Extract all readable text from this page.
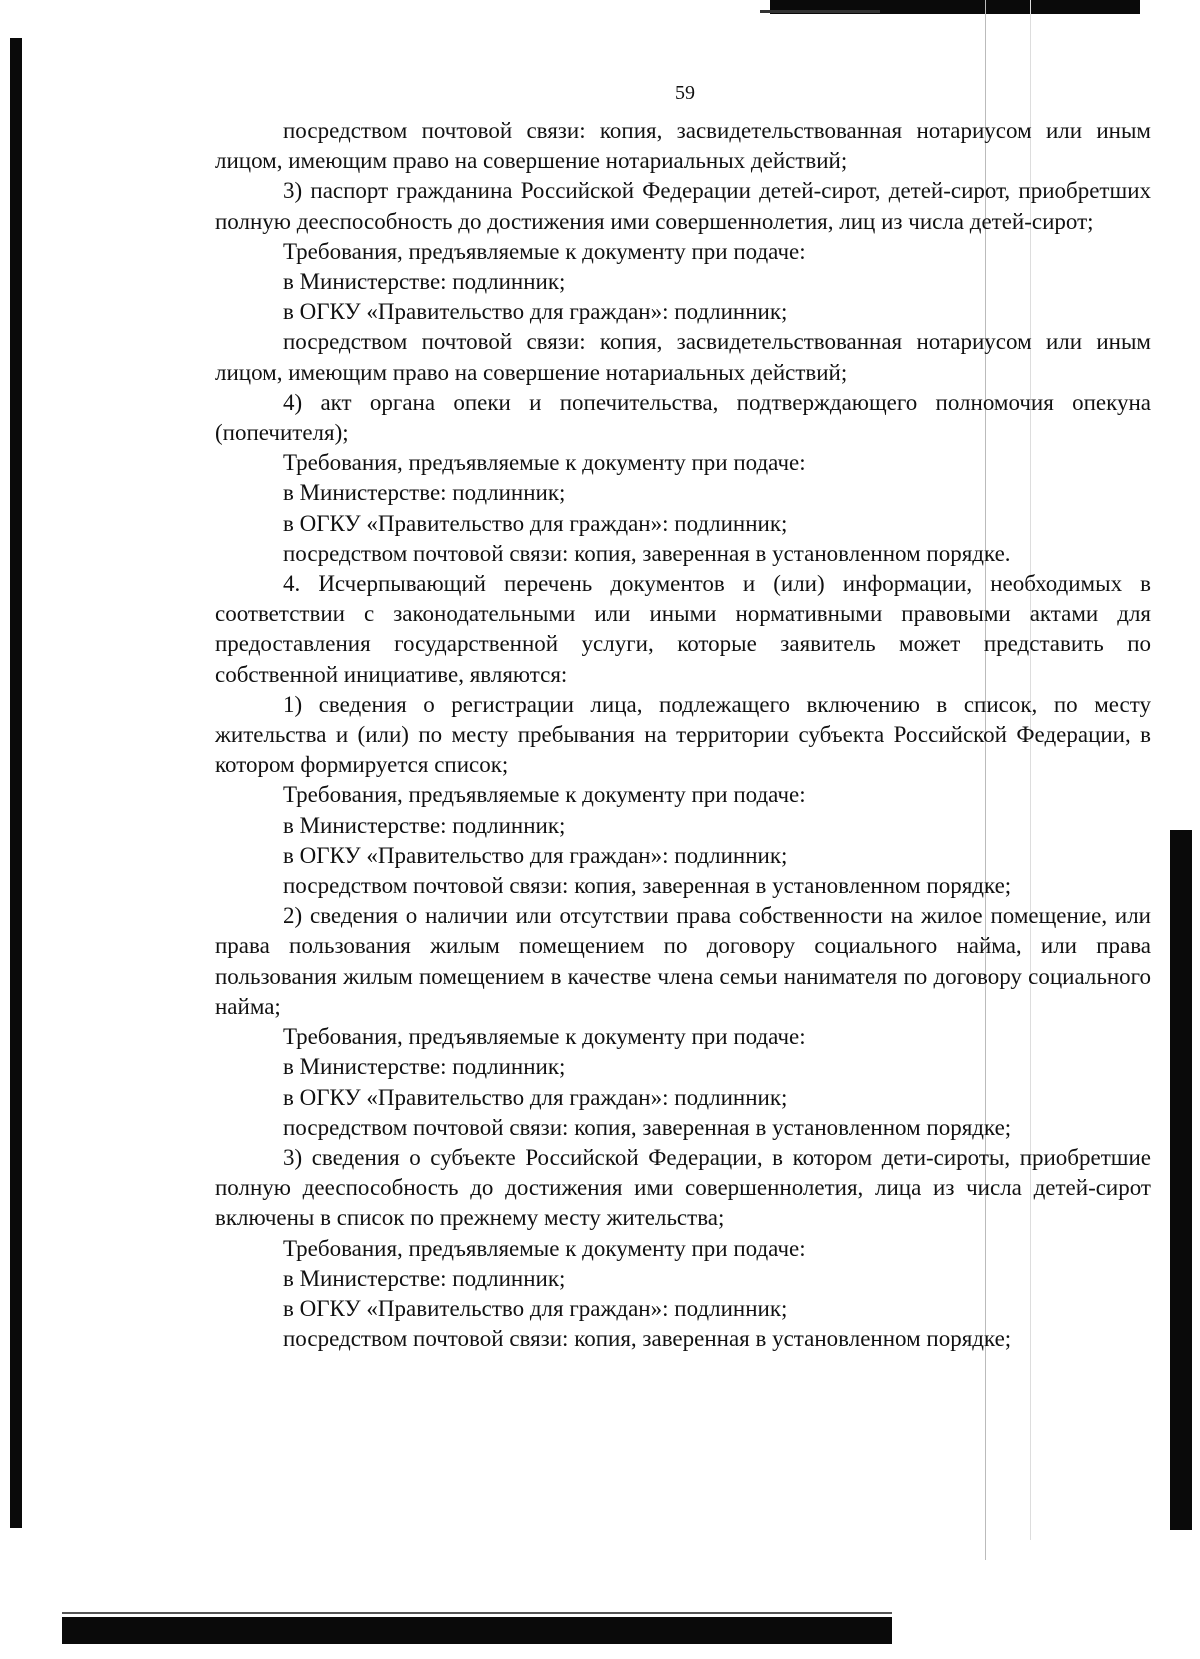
59

посредством почтовой связи: копия, засвидетельствованная нотариусом или иным лицом, имеющим право на совершение нотариальных действий;

3) паспорт гражданина Российской Федерации детей-сирот, детей-сирот, приобретших полную дееспособность до достижения ими совершеннолетия, лиц из числа детей-сирот;

Требования, предъявляемые к документу при подаче:

в Министерстве: подлинник;

в ОГКУ «Правительство для граждан»: подлинник;

посредством почтовой связи: копия, засвидетельствованная нотариусом или иным лицом, имеющим право на совершение нотариальных действий;

4) акт органа опеки и попечительства, подтверждающего полномочия опекуна (попечителя);

Требования, предъявляемые к документу при подаче:

в Министерстве: подлинник;

в ОГКУ «Правительство для граждан»: подлинник;

посредством почтовой связи: копия, заверенная в установленном порядке.

4. Исчерпывающий перечень документов и (или) информации, необходимых в соответствии с законодательными или иными нормативными правовыми актами для предоставления государственной услуги, которые заявитель может представить по собственной инициативе, являются:

1) сведения о регистрации лица, подлежащего включению в список, по месту жительства и (или) по месту пребывания на территории субъекта Российской Федерации, в котором формируется список;

Требования, предъявляемые к документу при подаче:

в Министерстве: подлинник;

в ОГКУ «Правительство для граждан»: подлинник;

посредством почтовой связи: копия, заверенная в установленном порядке;

2) сведения о наличии или отсутствии права собственности на жилое помещение, или права пользования жилым помещением по договору социального найма, или права пользования жилым помещением в качестве члена семьи нанимателя по договору социального найма;

Требования, предъявляемые к документу при подаче:

в Министерстве: подлинник;

в ОГКУ «Правительство для граждан»: подлинник;

посредством почтовой связи: копия, заверенная в установленном порядке;

3) сведения о субъекте Российской Федерации, в котором дети-сироты, приобретшие полную дееспособность до достижения ими совершеннолетия, лица из числа детей-сирот включены в список по прежнему месту жительства;

Требования, предъявляемые к документу при подаче:

в Министерстве: подлинник;

в ОГКУ «Правительство для граждан»: подлинник;

посредством почтовой связи: копия, заверенная в установленном порядке;
